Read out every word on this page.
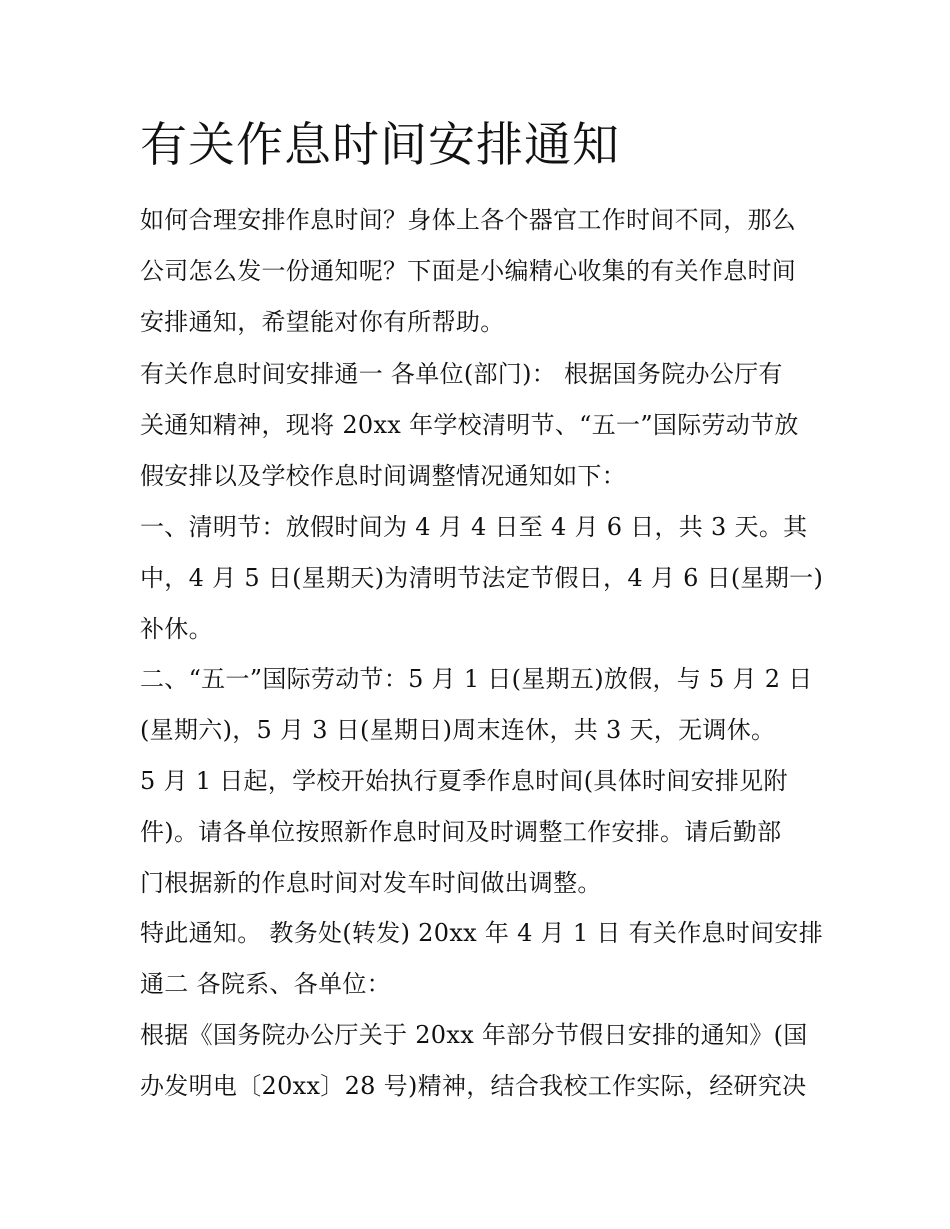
有关作息时间安排通知

如何合理安排作息时间？身体上各个器官工作时间不同，那么

公司怎么发一份通知呢？下面是小编精心收集的有关作息时间

安排通知，希望能对你有所帮助。

有关作息时间安排通一 各单位(部门)： 根据国务院办公厅有

关通知精神，现将 20xx 年学校清明节、“五一”国际劳动节放

假安排以及学校作息时间调整情况通知如下：

一、清明节：放假时间为 4 月 4 日至 4 月 6 日，共 3 天。其

中，4 月 5 日(星期天)为清明节法定节假日，4 月 6 日(星期一)

补休。

二、“五一”国际劳动节：5 月 1 日(星期五)放假，与 5 月 2 日

(星期六)，5 月 3 日(星期日)周末连休，共 3 天，无调休。

5 月 1 日起，学校开始执行夏季作息时间(具体时间安排见附

件)。请各单位按照新作息时间及时调整工作安排。请后勤部

门根据新的作息时间对发车时间做出调整。

特此通知。 教务处(转发) 20xx 年 4 月 1 日 有关作息时间安排

通二 各院系、各单位：

根据《国务院办公厅关于 20xx 年部分节假日安排的通知》(国

办发明电〔20xx〕28 号)精神，结合我校工作实际，经研究决
